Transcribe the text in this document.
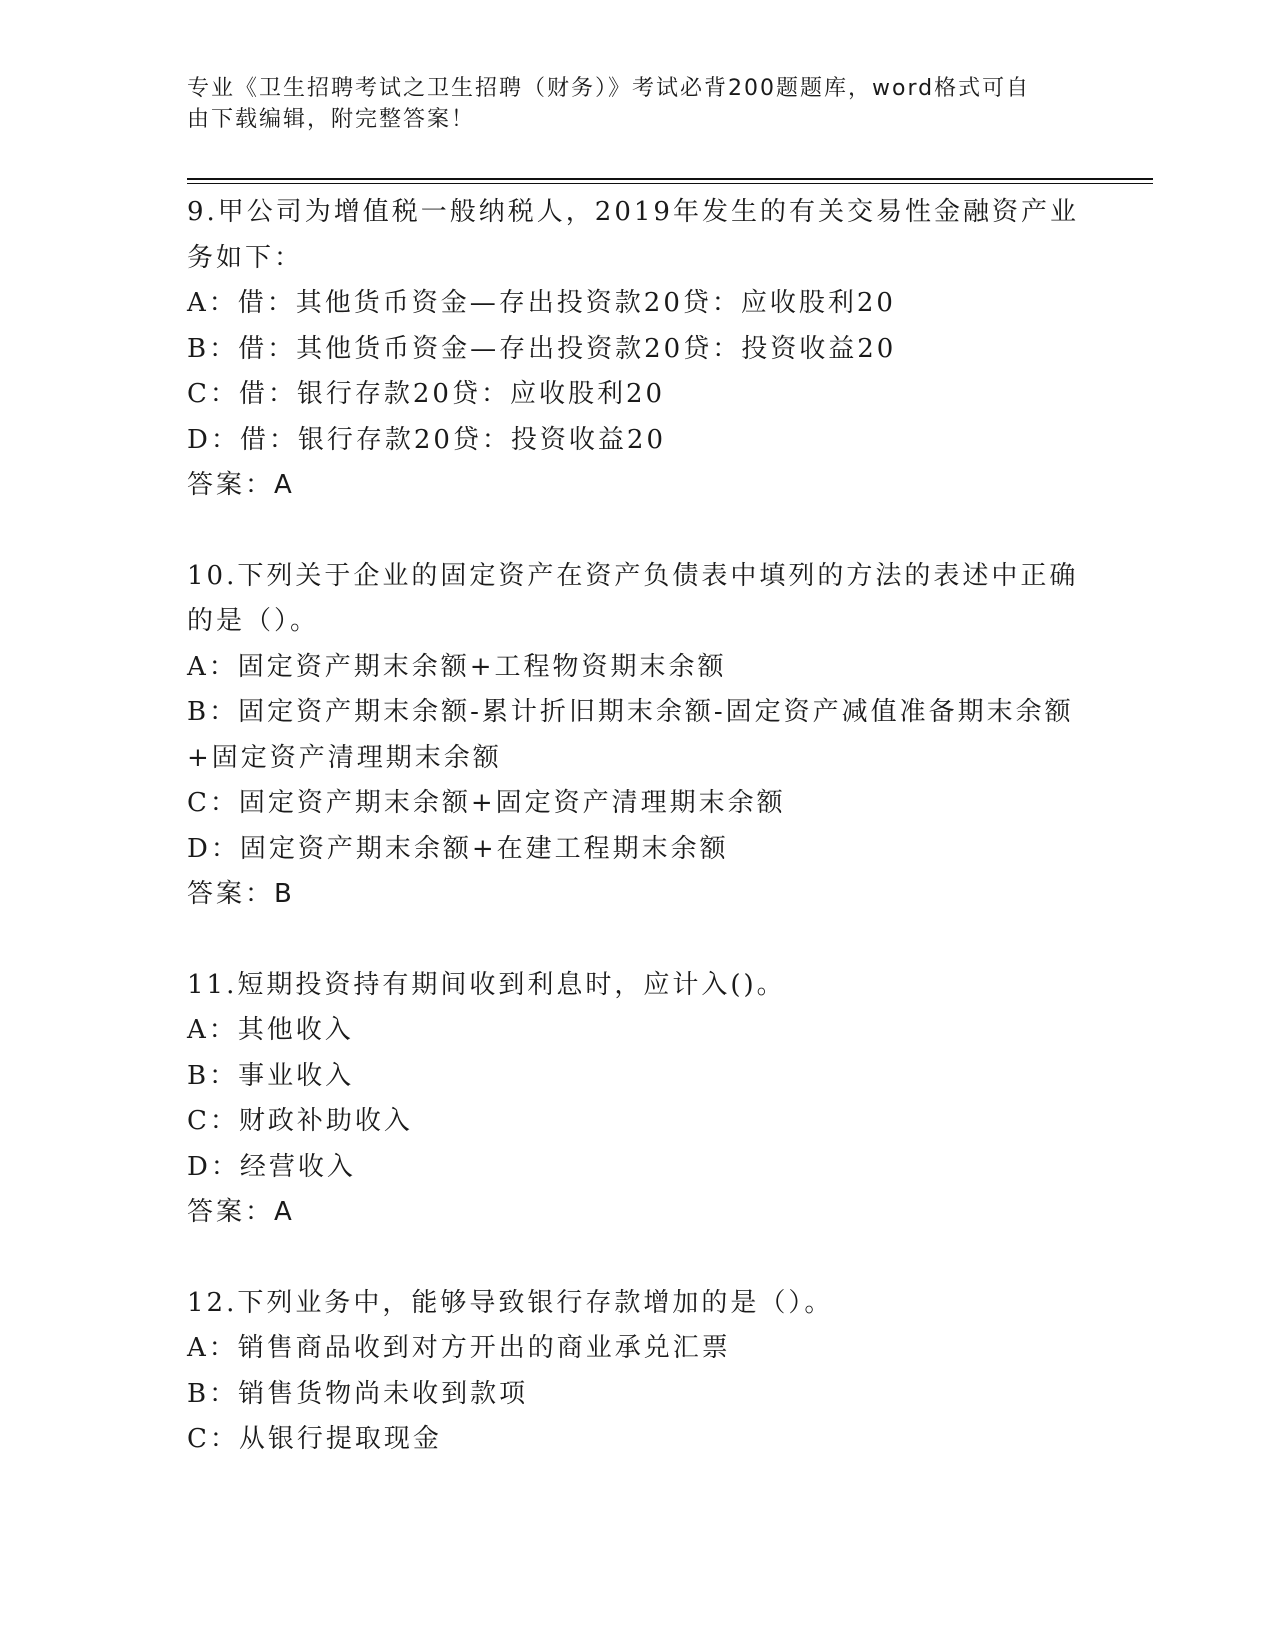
专业《卫生招聘考试之卫生招聘（财务）》考试必背200题题库，word格式可自
由下载编辑，附完整答案！

9.甲公司为增值税一般纳税人，2019年发生的有关交易性金融资产业

务如下：

A：借：其他货币资金—存出投资款20贷：应收股利20

B：借：其他货币资金—存出投资款20贷：投资收益20

C：借：银行存款20贷：应收股利20

D：借：银行存款20贷：投资收益20

答案：A

10.下列关于企业的固定资产在资产负债表中填列的方法的表述中正确

的是（）。

A：固定资产期末余额+工程物资期末余额

B：固定资产期末余额-累计折旧期末余额-固定资产减值准备期末余额

+固定资产清理期末余额

C：固定资产期末余额+固定资产清理期末余额

D：固定资产期末余额+在建工程期末余额

答案：B

11.短期投资持有期间收到利息时，应计入()。

A：其他收入

B：事业收入

C：财政补助收入

D：经营收入

答案：A

12.下列业务中，能够导致银行存款增加的是（）。

A：销售商品收到对方开出的商业承兑汇票

B：销售货物尚未收到款项

C：从银行提取现金
